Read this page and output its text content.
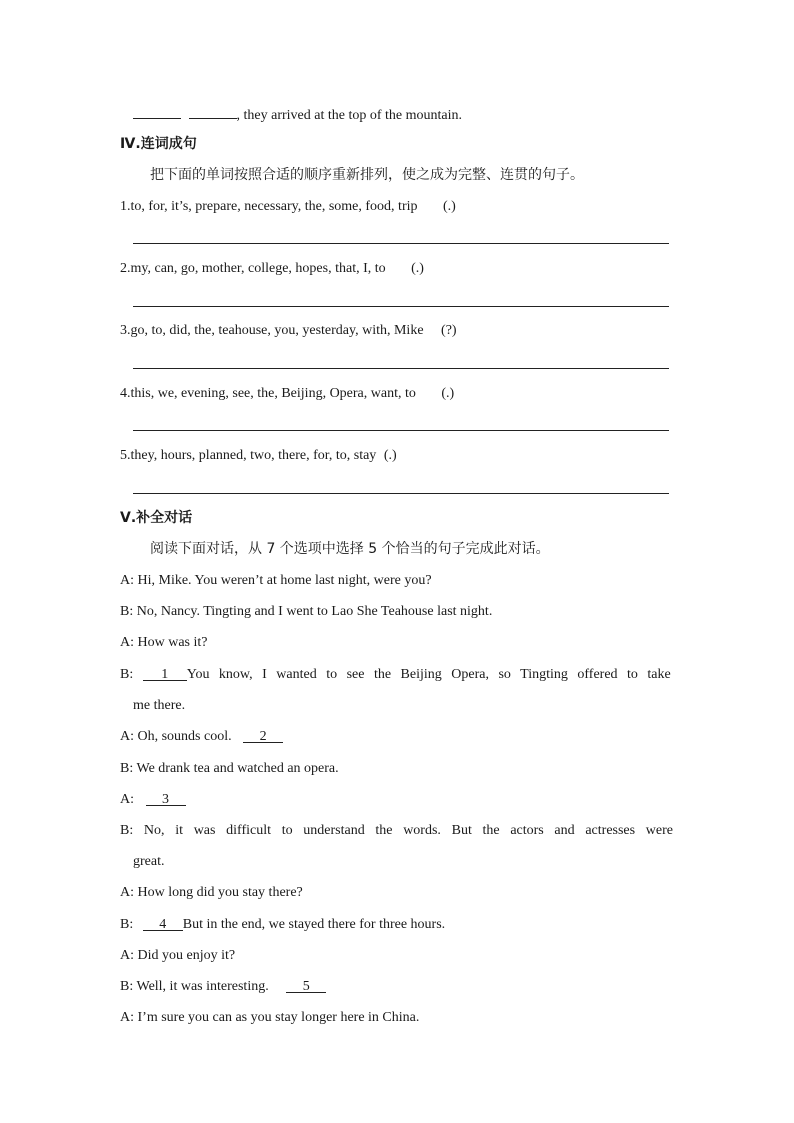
, they arrived at the top of the mountain.
Ⅳ.连词成句
把下面的单词按照合适的顺序重新排列，使之成为完整、连贯的句子。
1.to, for, it’s, prepare, necessary, the, some, food, trip (.)
2.my, can, go, mother, college, hopes, that, I, to (.)
3.go, to, did, the, teahouse, you, yesterday, with, Mike (?)
4.this, we, evening, see, the, Beijing, Opera, want, to (.)
5.they, hours, planned, two, there, for, to, stay (.)
Ⅴ.补全对话
阅读下面对话，从 7 个选项中选择 5 个恰当的句子完成此对话。
A: Hi, Mike. You weren’t at home last night, were you?
B: No, Nancy. Tingting and I went to Lao She Teahouse last night.
A: How was it?
B: 1 You know, I wanted to see the Beijing Opera, so Tingting offered to take
me there.
A: Oh, sounds cool. 2
B: We drank tea and watched an opera.
A: 3
B: No, it was difficult to understand the words. But the actors and actresses were
great.
A: How long did you stay there?
B: 4 But in the end, we stayed there for three hours.
A: Did you enjoy it?
B: Well, it was interesting. 5
A: I’m sure you can as you stay longer here in China.
